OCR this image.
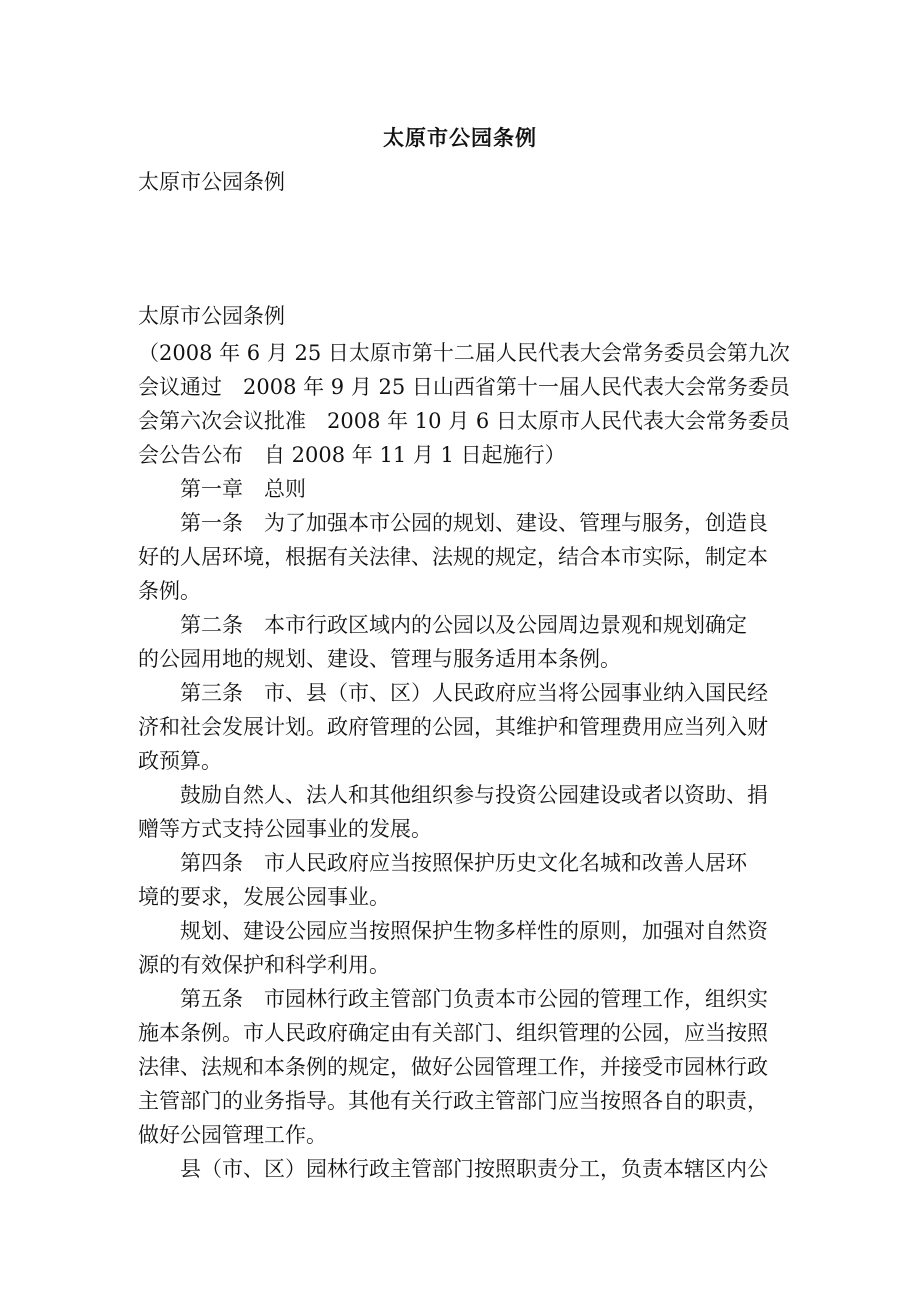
太原市公园条例
太原市公园条例
太原市公园条例
（2008 年 6 月 25 日太原市第十二届人民代表大会常务委员会第九次
会议通过　2008 年 9 月 25 日山西省第十一届人民代表大会常务委员
会第六次会议批准　2008 年 10 月 6 日太原市人民代表大会常务委员
会公告公布　自 2008 年 11 月 1 日起施行）
第一章　总则
第一条　为了加强本市公园的规划、建设、管理与服务，创造良
好的人居环境，根据有关法律、法规的规定，结合本市实际，制定本
条例。
第二条　本市行政区域内的公园以及公园周边景观和规划确定
的公园用地的规划、建设、管理与服务适用本条例。
第三条　市、县（市、区）人民政府应当将公园事业纳入国民经
济和社会发展计划。政府管理的公园，其维护和管理费用应当列入财
政预算。
鼓励自然人、法人和其他组织参与投资公园建设或者以资助、捐
赠等方式支持公园事业的发展。
第四条　市人民政府应当按照保护历史文化名城和改善人居环
境的要求，发展公园事业。
规划、建设公园应当按照保护生物多样性的原则，加强对自然资
源的有效保护和科学利用。
第五条　市园林行政主管部门负责本市公园的管理工作，组织实
施本条例。市人民政府确定由有关部门、组织管理的公园，应当按照
法律、法规和本条例的规定，做好公园管理工作，并接受市园林行政
主管部门的业务指导。其他有关行政主管部门应当按照各自的职责，
做好公园管理工作。
县（市、区）园林行政主管部门按照职责分工，负责本辖区内公
